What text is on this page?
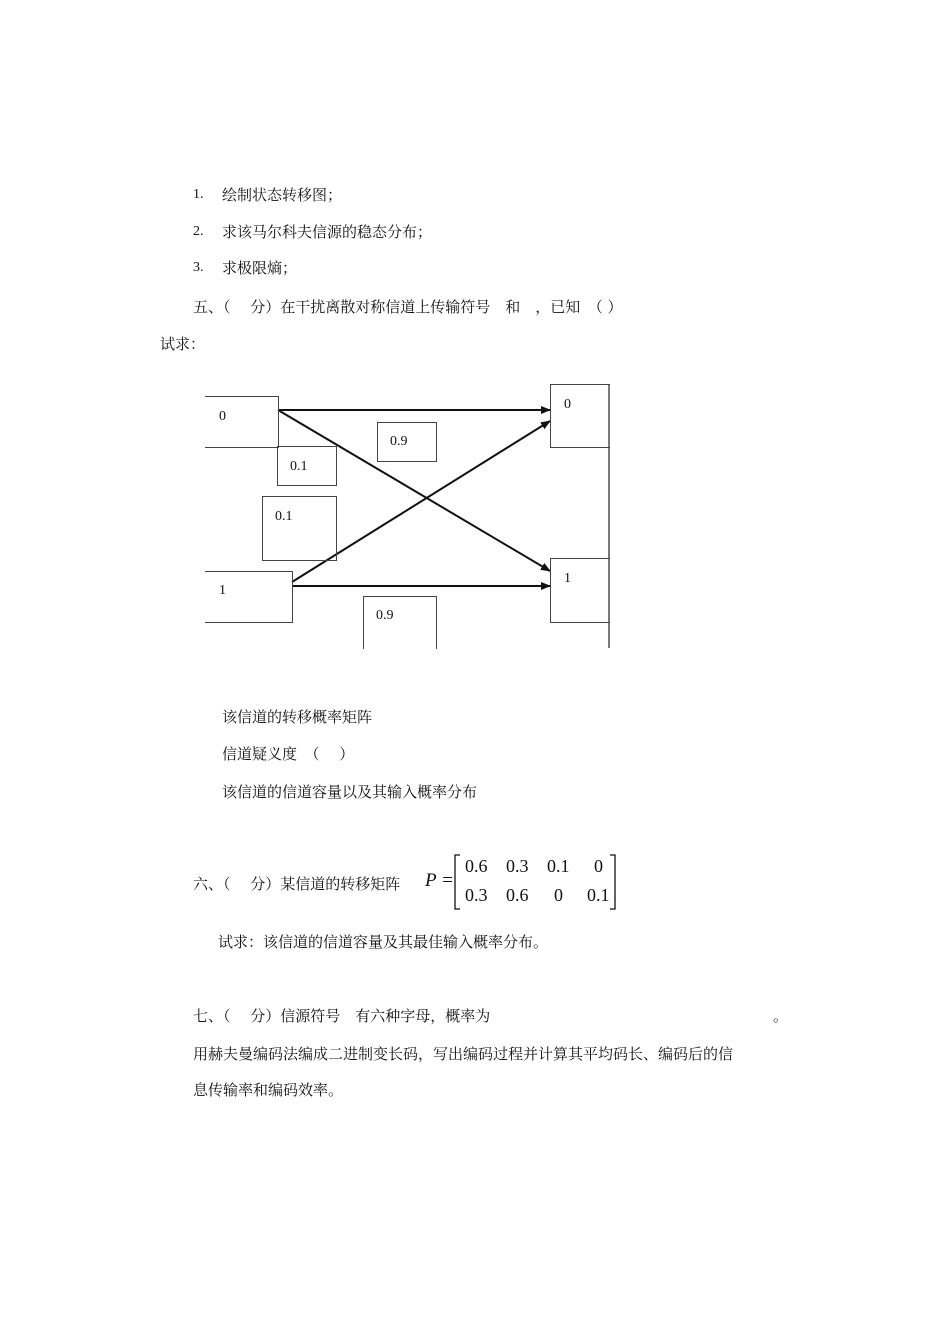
1. 绘制状态转移图；
2. 求该马尔科夫信源的稳态分布；
3. 求极限熵；
五、（　 分）在干扰离散对称信道上传输符号　和　，已知　（ ）
试求：
0
1
0
1
0.9
0.1
0.1
0.9
该信道的转移概率矩阵
信道疑义度　（　 ）
该信道的信道容量以及其输入概率分布
六、（　 分）某信道的转移矩阵 P =
0.6 0.3 0.1 0
0.3 0.6 0 0.1
试求：该信道的信道容量及其最佳输入概率分布。
七、（　 分）信源符号　有六种字母，概率为	。
用赫夫曼编码法编成二进制变长码，写出编码过程并计算其平均码长、编码后的信
息传输率和编码效率。
